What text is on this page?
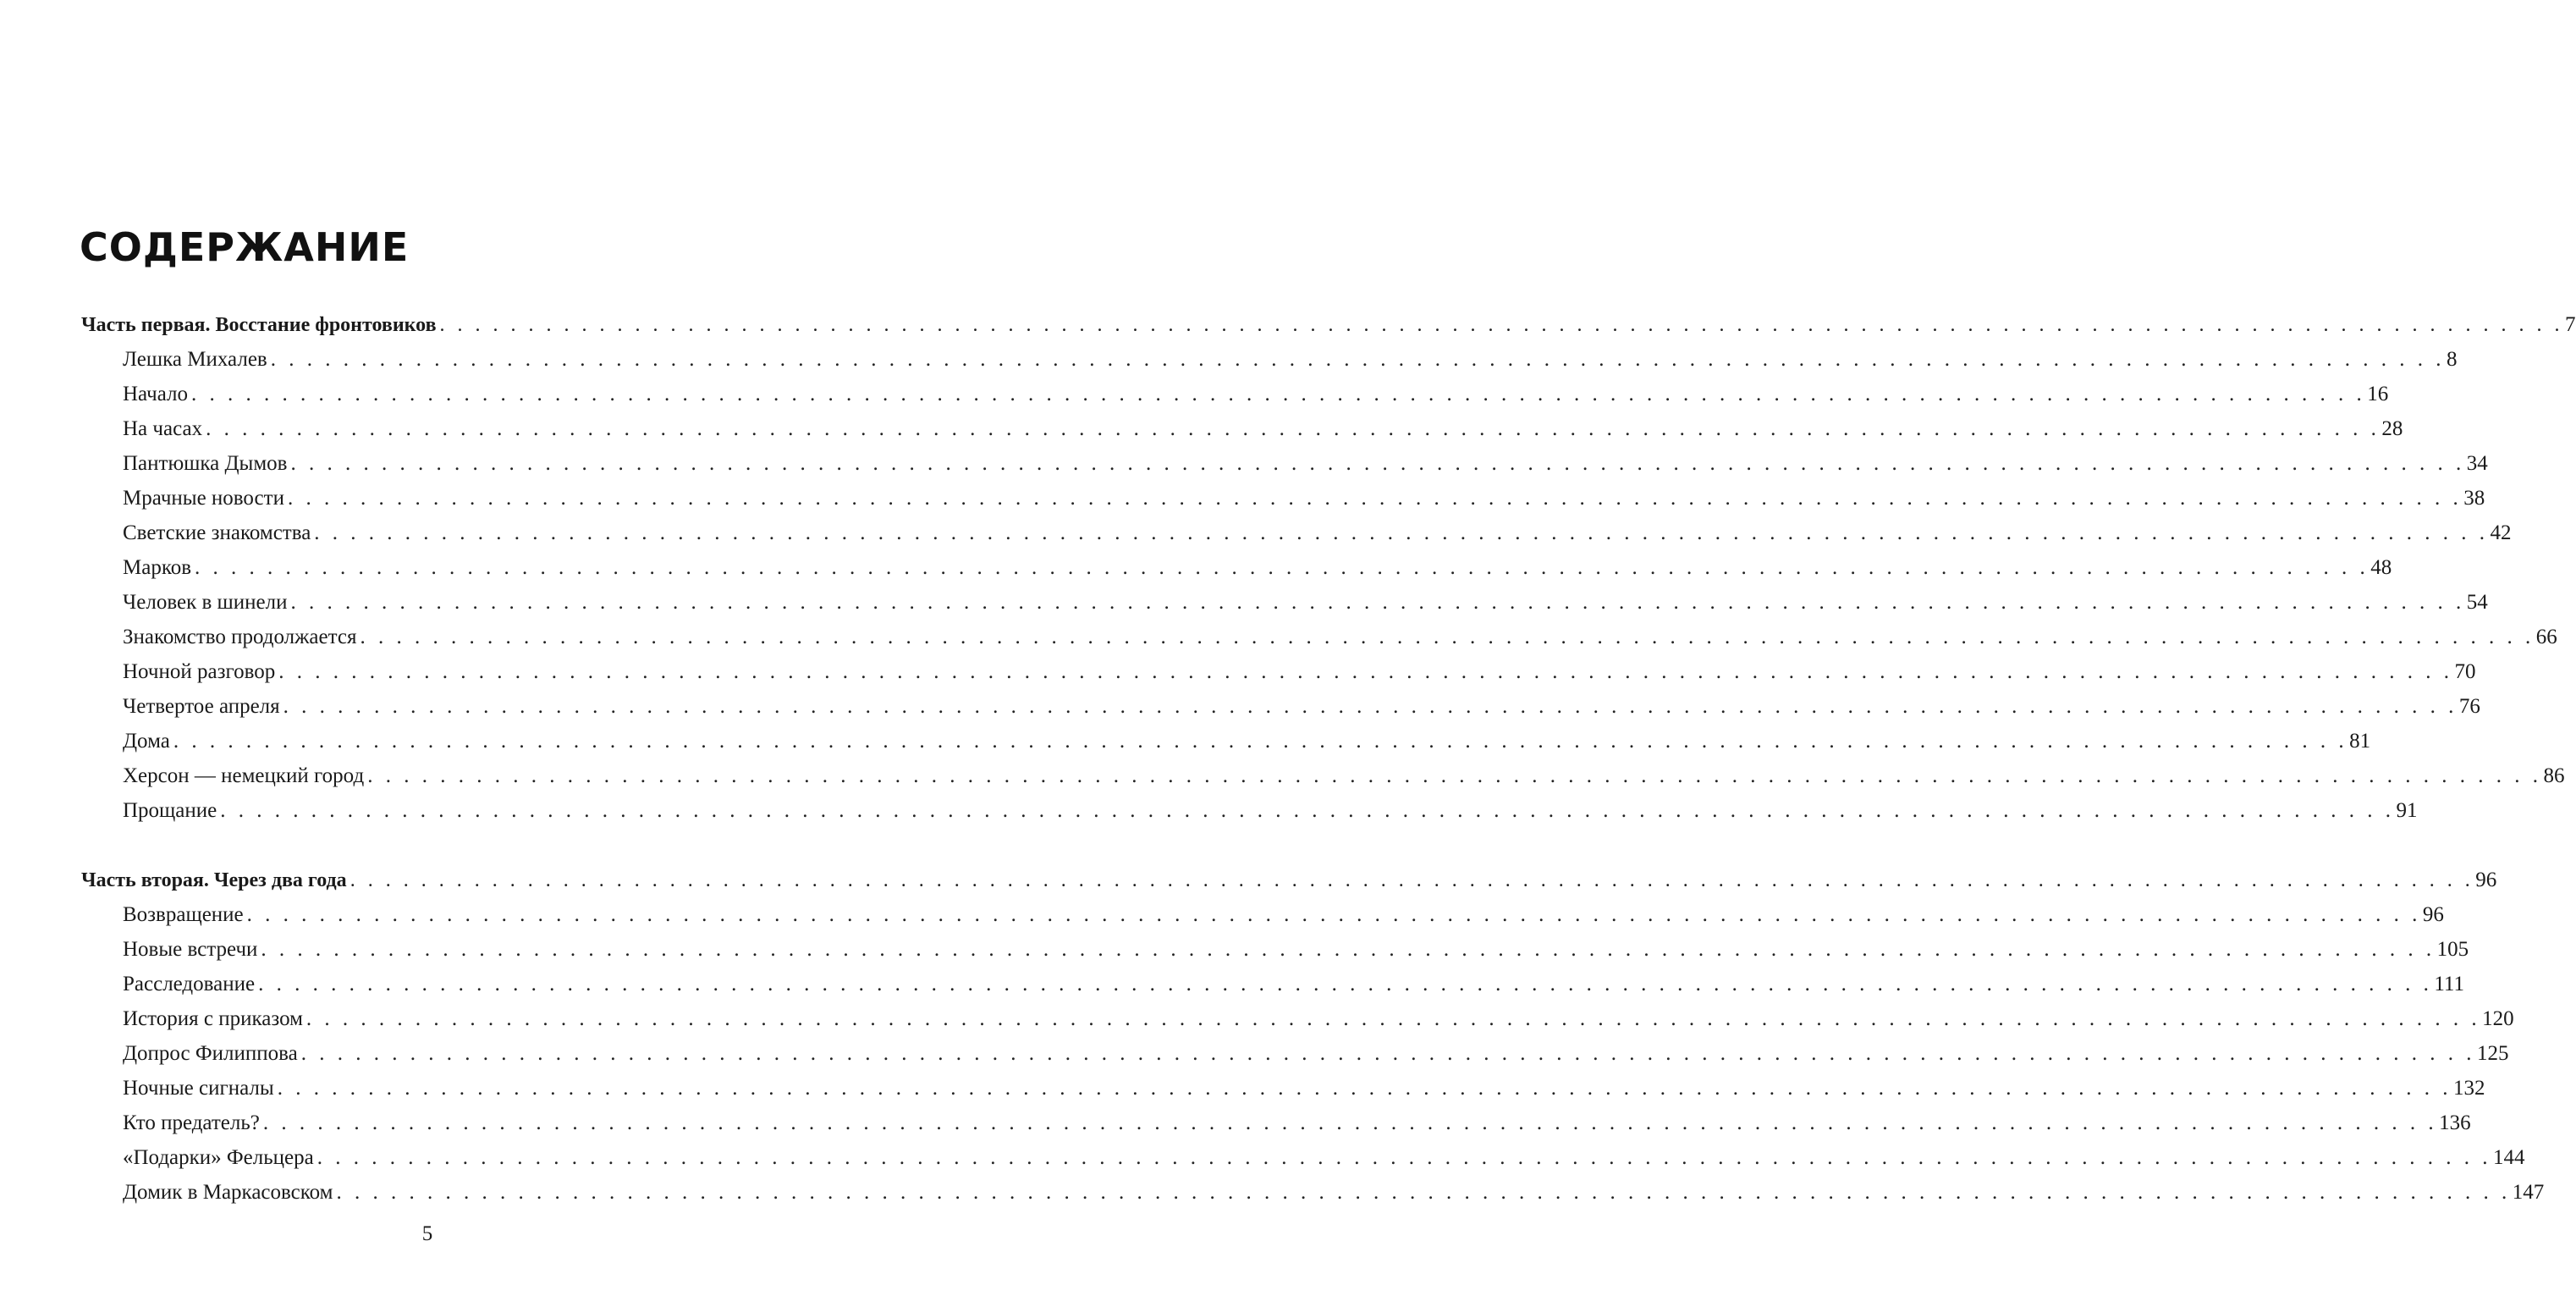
СОДЕРЖАНИЕ
Часть первая. Восстание фронтовиков . . . . . . . . . . . . . . . . . . . . . . . . . . . . . . . . . . . . . . . . . . . . . . . . . . . . . . . . . . . . . . . . . . . . . . . . . . . . . . . . . . . . . . . . . . . . . . . . . . . . . . . . . . . . . . . . . . . . . . . . 7
Лешка Михалев . . . . . . . . . . . . . . . . . . . . . . . . . . . . . . . . . . . . . . . . . . . . . . . . . . . . . . . . . . . . . . . . . . . . . . . . . . . . . . . . . . . . . . . . . . . . . . . . . . . . . . . . . . . . . . . . . . . . . . . . 8
Начало . . . . . . . . . . . . . . . . . . . . . . . . . . . . . . . . . . . . . . . . . . . . . . . . . . . . . . . . . . . . . . . . . . . . . . . . . . . . . . . . . . . . . . . . . . . . . . . . . . . . . . . . . . . . . . . . . . . . . . . . 16
На часах . . . . . . . . . . . . . . . . . . . . . . . . . . . . . . . . . . . . . . . . . . . . . . . . . . . . . . . . . . . . . . . . . . . . . . . . . . . . . . . . . . . . . . . . . . . . . . . . . . . . . . . . . . . . . . . . . . . . . . . . 28
Пантюшка Дымов . . . . . . . . . . . . . . . . . . . . . . . . . . . . . . . . . . . . . . . . . . . . . . . . . . . . . . . . . . . . . . . . . . . . . . . . . . . . . . . . . . . . . . . . . . . . . . . . . . . . . . . . . . . . . . . . . . . . . . . . 34
Мрачные новости . . . . . . . . . . . . . . . . . . . . . . . . . . . . . . . . . . . . . . . . . . . . . . . . . . . . . . . . . . . . . . . . . . . . . . . . . . . . . . . . . . . . . . . . . . . . . . . . . . . . . . . . . . . . . . . . . . . . . . . . 38
Светские знакомства . . . . . . . . . . . . . . . . . . . . . . . . . . . . . . . . . . . . . . . . . . . . . . . . . . . . . . . . . . . . . . . . . . . . . . . . . . . . . . . . . . . . . . . . . . . . . . . . . . . . . . . . . . . . . . . . . . . . . . . . 42
Марков . . . . . . . . . . . . . . . . . . . . . . . . . . . . . . . . . . . . . . . . . . . . . . . . . . . . . . . . . . . . . . . . . . . . . . . . . . . . . . . . . . . . . . . . . . . . . . . . . . . . . . . . . . . . . . . . . . . . . . . . 48
Человек в шинели . . . . . . . . . . . . . . . . . . . . . . . . . . . . . . . . . . . . . . . . . . . . . . . . . . . . . . . . . . . . . . . . . . . . . . . . . . . . . . . . . . . . . . . . . . . . . . . . . . . . . . . . . . . . . . . . . . . . . . . . 54
Знакомство продолжается . . . . . . . . . . . . . . . . . . . . . . . . . . . . . . . . . . . . . . . . . . . . . . . . . . . . . . . . . . . . . . . . . . . . . . . . . . . . . . . . . . . . . . . . . . . . . . . . . . . . . . . . . . . . . . . . . . . . . . . . 66
Ночной разговор . . . . . . . . . . . . . . . . . . . . . . . . . . . . . . . . . . . . . . . . . . . . . . . . . . . . . . . . . . . . . . . . . . . . . . . . . . . . . . . . . . . . . . . . . . . . . . . . . . . . . . . . . . . . . . . . . . . . . . . . 70
Четвертое апреля . . . . . . . . . . . . . . . . . . . . . . . . . . . . . . . . . . . . . . . . . . . . . . . . . . . . . . . . . . . . . . . . . . . . . . . . . . . . . . . . . . . . . . . . . . . . . . . . . . . . . . . . . . . . . . . . . . . . . . . . 76
Дома . . . . . . . . . . . . . . . . . . . . . . . . . . . . . . . . . . . . . . . . . . . . . . . . . . . . . . . . . . . . . . . . . . . . . . . . . . . . . . . . . . . . . . . . . . . . . . . . . . . . . . . . . . . . . . . . . . . . . . . . 81
Херсон — немецкий город . . . . . . . . . . . . . . . . . . . . . . . . . . . . . . . . . . . . . . . . . . . . . . . . . . . . . . . . . . . . . . . . . . . . . . . . . . . . . . . . . . . . . . . . . . . . . . . . . . . . . . . . . . . . . . . . . . . . . . . . 86
Прощание . . . . . . . . . . . . . . . . . . . . . . . . . . . . . . . . . . . . . . . . . . . . . . . . . . . . . . . . . . . . . . . . . . . . . . . . . . . . . . . . . . . . . . . . . . . . . . . . . . . . . . . . . . . . . . . . . . . . . . . . 91
Часть вторая. Через два года . . . . . . . . . . . . . . . . . . . . . . . . . . . . . . . . . . . . . . . . . . . . . . . . . . . . . . . . . . . . . . . . . . . . . . . . . . . . . . . . . . . . . . . . . . . . . . . . . . . . . . . . . . . . . . . . . . . . . . . . 96
Возвращение . . . . . . . . . . . . . . . . . . . . . . . . . . . . . . . . . . . . . . . . . . . . . . . . . . . . . . . . . . . . . . . . . . . . . . . . . . . . . . . . . . . . . . . . . . . . . . . . . . . . . . . . . . . . . . . . . . . . . . . . 96
Новые встречи . . . . . . . . . . . . . . . . . . . . . . . . . . . . . . . . . . . . . . . . . . . . . . . . . . . . . . . . . . . . . . . . . . . . . . . . . . . . . . . . . . . . . . . . . . . . . . . . . . . . . . . . . . . . . . . . . . . . . . . . 105
Расследование . . . . . . . . . . . . . . . . . . . . . . . . . . . . . . . . . . . . . . . . . . . . . . . . . . . . . . . . . . . . . . . . . . . . . . . . . . . . . . . . . . . . . . . . . . . . . . . . . . . . . . . . . . . . . . . . . . . . . . . . 111
История с приказом . . . . . . . . . . . . . . . . . . . . . . . . . . . . . . . . . . . . . . . . . . . . . . . . . . . . . . . . . . . . . . . . . . . . . . . . . . . . . . . . . . . . . . . . . . . . . . . . . . . . . . . . . . . . . . . . . . . . . . . . 120
Допрос Филиппова . . . . . . . . . . . . . . . . . . . . . . . . . . . . . . . . . . . . . . . . . . . . . . . . . . . . . . . . . . . . . . . . . . . . . . . . . . . . . . . . . . . . . . . . . . . . . . . . . . . . . . . . . . . . . . . . . . . . . . . . 125
Ночные сигналы . . . . . . . . . . . . . . . . . . . . . . . . . . . . . . . . . . . . . . . . . . . . . . . . . . . . . . . . . . . . . . . . . . . . . . . . . . . . . . . . . . . . . . . . . . . . . . . . . . . . . . . . . . . . . . . . . . . . . . . . 132
Кто предатель? . . . . . . . . . . . . . . . . . . . . . . . . . . . . . . . . . . . . . . . . . . . . . . . . . . . . . . . . . . . . . . . . . . . . . . . . . . . . . . . . . . . . . . . . . . . . . . . . . . . . . . . . . . . . . . . . . . . . . . . . 136
«Подарки» Фельцера . . . . . . . . . . . . . . . . . . . . . . . . . . . . . . . . . . . . . . . . . . . . . . . . . . . . . . . . . . . . . . . . . . . . . . . . . . . . . . . . . . . . . . . . . . . . . . . . . . . . . . . . . . . . . . . . . . . . . . . . 144
Домик в Маркасовском . . . . . . . . . . . . . . . . . . . . . . . . . . . . . . . . . . . . . . . . . . . . . . . . . . . . . . . . . . . . . . . . . . . . . . . . . . . . . . . . . . . . . . . . . . . . . . . . . . . . . . . . . . . . . . . . . . . . . . . . 147
5
